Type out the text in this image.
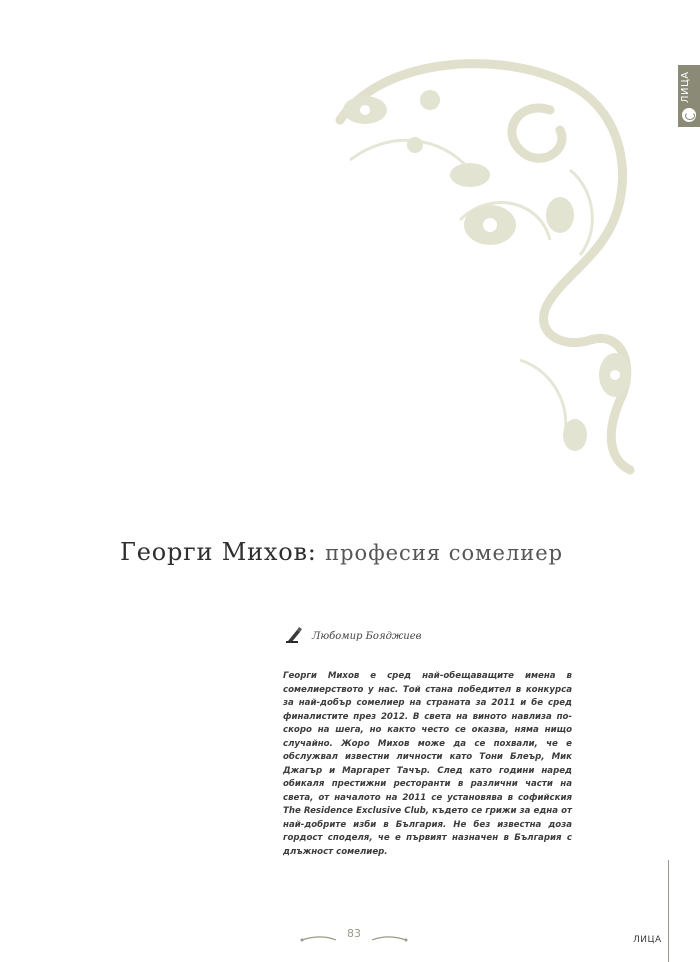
ЛИЦА
Георги Михов: професия сомелиер
Любомир Бояджиев
Георги Михов е сред най-обещаващите имена в сомелиерството у нас. Той стана победител в конкурса за най-добър сомелиер на страната за 2011 и бе сред финалистите през 2012. В света на виното навлиза по-скоро на шега, но както често се оказва, няма нищо случайно. Жоро Михов може да се похвали, че е обслужвал известни личности като Тони Блеър, Мик Джагър и Маргарет Тачър. След като години наред обикаля престижни ресторанти в различни части на света, от началото на 2011 се установява в софийския The Residence Exclusive Club, където се грижи за една от най-добрите изби в България. Не без известна доза гордост споделя, че е първият назначен в България с длъжност сомелиер.
83	ЛИЦА
